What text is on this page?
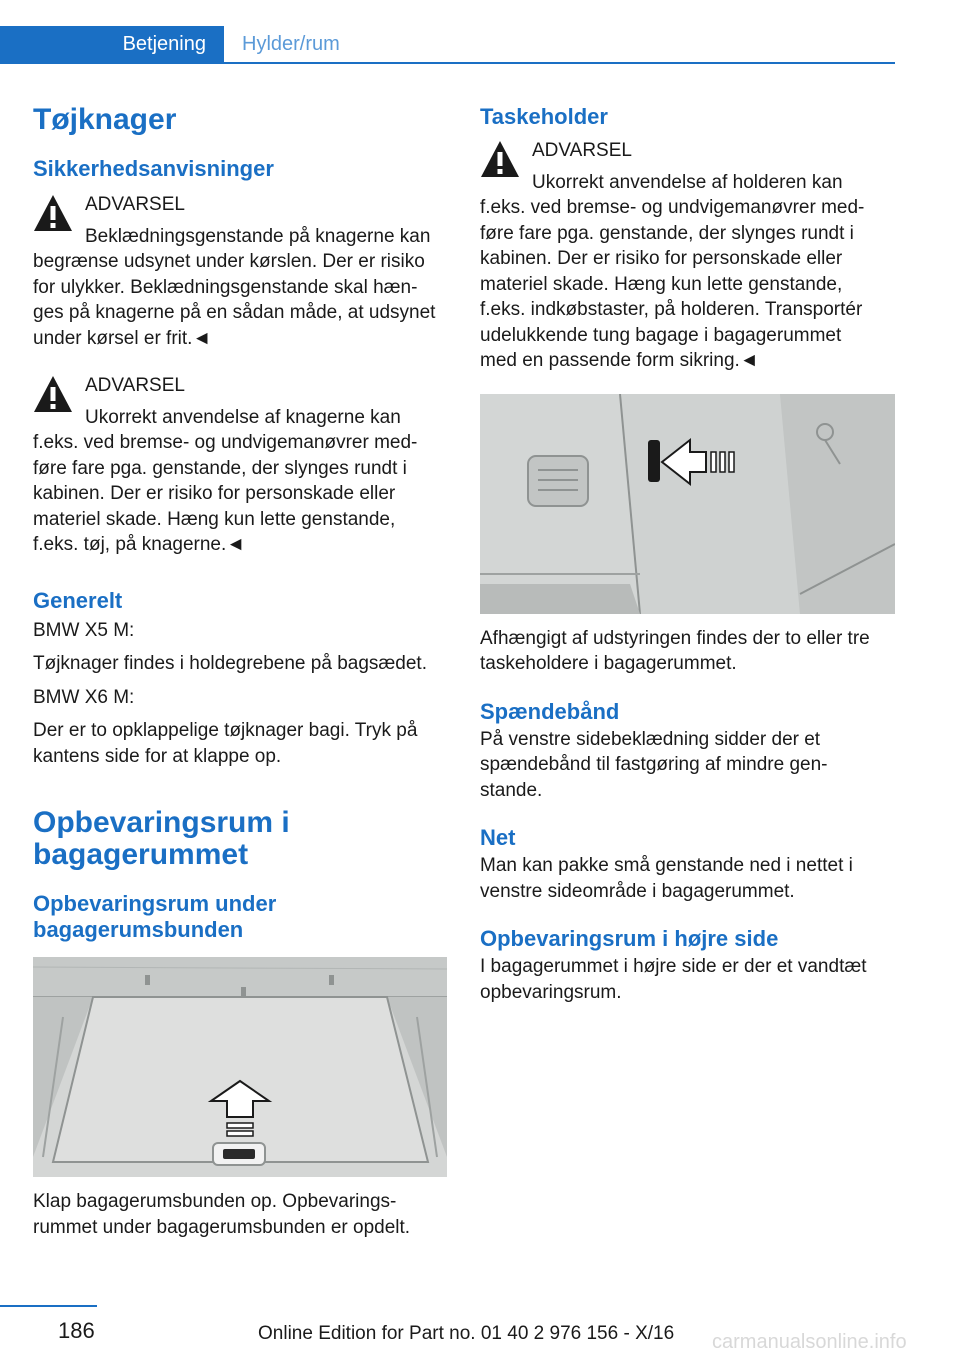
Betjening	Hylder/rum
Tøjknager
Sikkerhedsanvisninger
ADVARSEL

Beklædningsgenstande på knagerne kan

begrænse udsynet under kørslen. Der er risiko

for ulykker. Beklædningsgenstande skal hæn-

ges på knagerne på en sådan måde, at udsynet

under kørsel er frit.◄

ADVARSEL

Ukorrekt anvendelse af knagerne kan

f.eks. ved bremse- og undvigemanøvrer med-

føre fare pga. genstande, der slynges rundt i

kabinen. Der er risiko for personskade eller

materiel skade. Hæng kun lette genstande,

f.eks. tøj, på knagerne.◄

Generelt

BMW X5 M:

Tøjknager findes i holdegrebene på bagsædet.

BMW X6 M:

Der er to opklappelige tøjknager bagi. Tryk på

kantens side for at klappe op.

Opbevaringsrum i
bagagerummet
Opbevaringsrum under
bagagerumsbunden

Klap bagagerumsbunden op. Opbevarings-

rummet under bagagerumsbunden er opdelt.

Taskeholder
ADVARSEL

Ukorrekt anvendelse af holderen kan

f.eks. ved bremse- og undvigemanøvrer med-

føre fare pga. genstande, der slynges rundt i

kabinen. Der er risiko for personskade eller

materiel skade. Hæng kun lette genstande,

f.eks. indkøbstaster, på holderen. Transportér

udelukkende tung bagage i bagagerummet

med en passende form sikring.◄

Afhængigt af udstyringen findes der to eller tre

taskeholdere i bagagerummet.

Spændebånd

På venstre sidebeklædning sidder der et

spændebånd til fastgøring af mindre gen-

stande.

Net

Man kan pakke små genstande ned i nettet i

venstre sideområde i bagagerummet.

Opbevaringsrum i højre side

I bagagerummet i højre side er der et vandtæt

opbevaringsrum.

186	Online Edition for Part no. 01 40 2 976 156 - X/16 carmanualsonline.info
